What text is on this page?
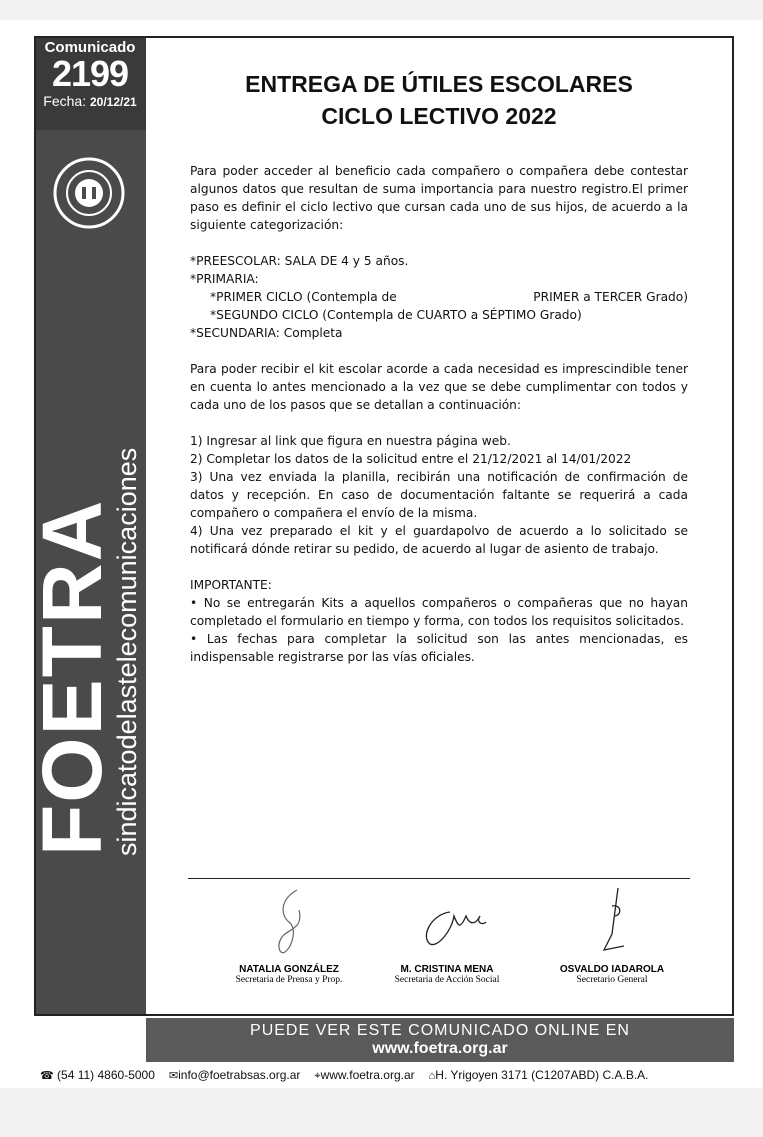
Comunicado
2199
Fecha: 20/12/21
FOETRA
sindicatodelastelecomunicaciones
ENTREGA DE ÚTILES ESCOLARES
CICLO LECTIVO 2022

Para poder acceder al beneficio cada compañero o compañera debe contestar algunos datos que resultan de suma importancia para nuestro registro.El primer paso es definir el ciclo lectivo que cursan cada uno de sus hijos, de acuerdo a la siguiente categorización:

*PREESCOLAR: SALA DE 4 y 5 años.

*PRIMARIA:

*PRIMER CICLO (Contempla de	PRIMER a TERCER Grado)

*SEGUNDO CICLO (Contempla de CUARTO a SÉPTIMO Grado)

*SECUNDARIA: Completa

Para poder recibir el kit escolar acorde a cada necesidad es imprescindible tener en cuenta lo antes mencionado a la vez que se debe cumplimentar con todos y cada uno de los pasos que se detallan a continuación:

1) Ingresar al link que figura en nuestra página web.

2) Completar los datos de la solicitud entre el 21/12/2021 al 14/01/2022

3) Una vez enviada la planilla, recibirán una notificación de confirmación de datos y recepción. En caso de documentación faltante se requerirá a cada compañero o compañera el envío de la misma.

4) Una vez preparado el kit y el guardapolvo de acuerdo a lo solicitado se notificará dónde retirar su pedido, de acuerdo al lugar de asiento de trabajo.

IMPORTANTE:

• No se entregarán Kits a aquellos compañeros o compañeras que no hayan completado el formulario en tiempo y forma, con todos los requisitos solicitados.

• Las fechas para completar la solicitud son las antes mencionadas, es indispensable registrarse por las vías oficiales.

NATALIA GONZÁLEZ
Secretaria de Prensa y Prop.
M. CRISTINA MENA
Secretaria de Acción Social
OSVALDO IADAROLA
Secretario General
PUEDE VER ESTE COMUNICADO ONLINE EN
www.foetra.org.ar
☎ (54 11) 4860-5000 ✉info@foetrabsas.org.ar ⌖www.foetra.org.ar ⌂H. Yrigoyen 3171 (C1207ABD) C.A.B.A.
